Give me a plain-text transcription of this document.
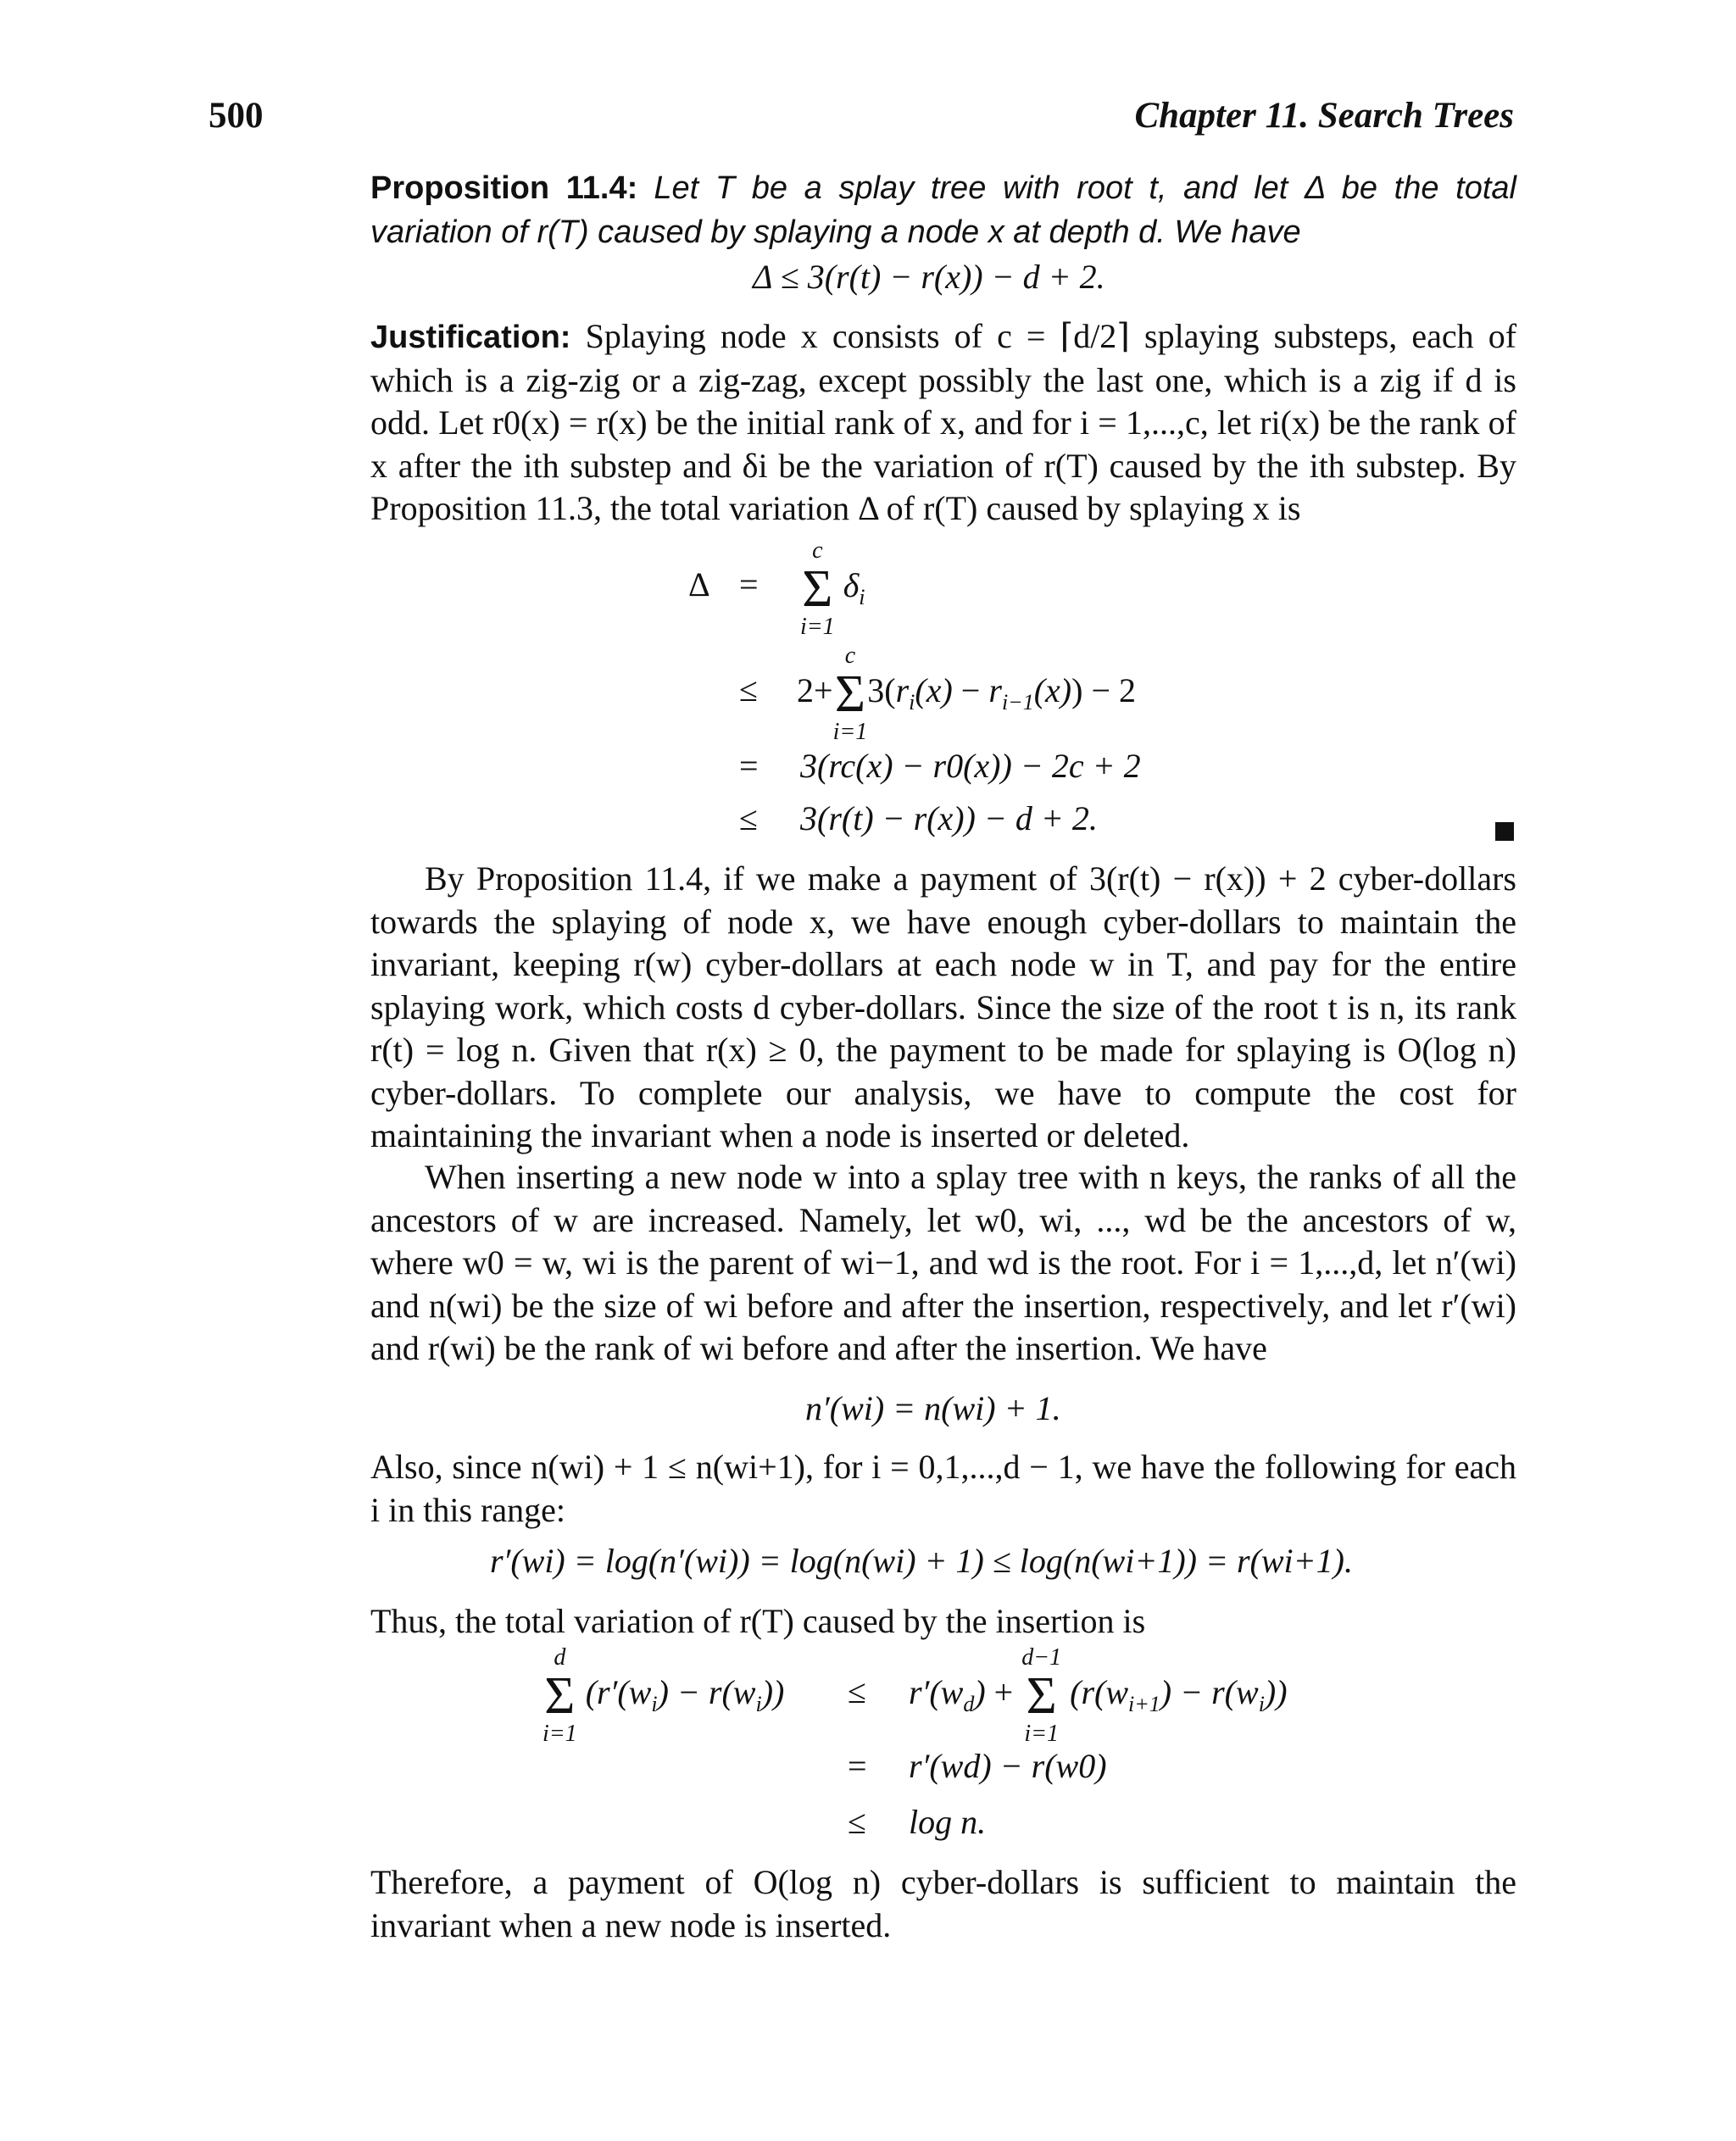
500	Chapter 11. Search Trees
Proposition 11.4: Let T be a splay tree with root t, and let Δ be the total variation of r(T) caused by splaying a node x at depth d. We have
Δ ≤ 3(r(t) − r(x)) − d + 2.
Justification: Splaying node x consists of c = ⌈d/2⌉ splaying substeps, each of which is a zig-zig or a zig-zag, except possibly the last one, which is a zig if d is odd. Let r0(x) = r(x) be the initial rank of x, and for i = 1,...,c, let ri(x) be the rank of x after the ith substep and δi be the variation of r(T) caused by the ith substep. By Proposition 11.3, the total variation Δ of r(T) caused by splaying x is
Δ =
c
Σ
i=1
$\delta_i$
≤ 2+
c
Σ
i=1
$3(r_i(x) - r_{i-1}(x)) - 2$
= 3(rc(x) − r0(x)) − 2c + 2
≤ 3(r(t) − r(x)) − d + 2.
By Proposition 11.4, if we make a payment of 3(r(t) − r(x)) + 2 cyber-dollars towards the splaying of node x, we have enough cyber-dollars to maintain the invariant, keeping r(w) cyber-dollars at each node w in T, and pay for the entire splaying work, which costs d cyber-dollars. Since the size of the root t is n, its rank r(t) = log n. Given that r(x) ≥ 0, the payment to be made for splaying is O(log n) cyber-dollars. To complete our analysis, we have to compute the cost for maintaining the invariant when a node is inserted or deleted.
When inserting a new node w into a splay tree with n keys, the ranks of all the ancestors of w are increased. Namely, let w0, wi, ..., wd be the ancestors of w, where w0 = w, wi is the parent of wi−1, and wd is the root. For i = 1,...,d, let n′(wi) and n(wi) be the size of wi before and after the insertion, respectively, and let r′(wi) and r(wi) be the rank of wi before and after the insertion. We have
n′(wi) = n(wi) + 1.
Also, since n(wi) + 1 ≤ n(wi+1), for i = 0,1,...,d − 1, we have the following for each i in this range:
r′(wi) = log(n′(wi)) = log(n(wi) + 1) ≤ log(n(wi+1)) = r(wi+1).
Thus, the total variation of r(T) caused by the insertion is
d
Σ
i=1
$(r'(w_i) - r(w_i)) \le r'(w_d)$ +
d−1
Σ
i=1
$(r(w_{i+1}) - r(w_i))$
= r′(wd) − r(w0)
≤ log n.
Therefore, a payment of O(log n) cyber-dollars is sufficient to maintain the invariant when a new node is inserted.
